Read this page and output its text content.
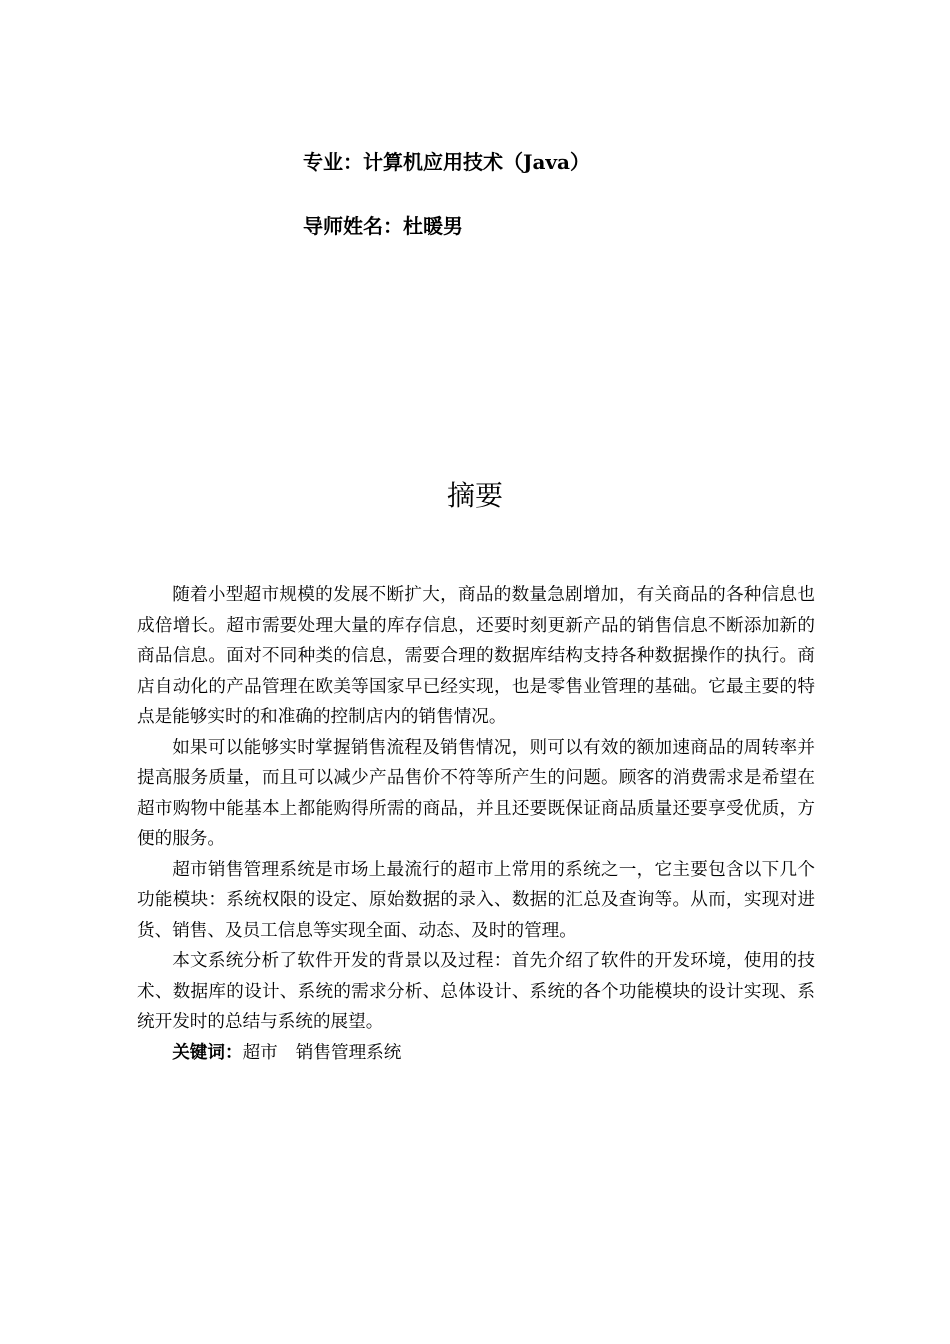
专业：计算机应用技术（Java）
导师姓名：杜暖男
摘要

随着小型超市规模的发展不断扩大，商品的数量急剧增加，有关商品的各种信息也成倍增长。超市需要处理大量的库存信息，还要时刻更新产品的销售信息不断添加新的商品信息。面对不同种类的信息，需要合理的数据库结构支持各种数据操作的执行。商店自动化的产品管理在欧美等国家早已经实现，也是零售业管理的基础。它最主要的特点是能够实时的和准确的控制店内的销售情况。

如果可以能够实时掌握销售流程及销售情况，则可以有效的额加速商品的周转率并提高服务质量，而且可以减少产品售价不符等所产生的问题。顾客的消费需求是希望在超市购物中能基本上都能购得所需的商品，并且还要既保证商品质量还要享受优质，方便的服务。

超市销售管理系统是市场上最流行的超市上常用的系统之一，它主要包含以下几个功能模块：系统权限的设定、原始数据的录入、数据的汇总及查询等。从而，实现对进货、销售、及员工信息等实现全面、动态、及时的管理。

本文系统分析了软件开发的背景以及过程：首先介绍了软件的开发环境，使用的技术、数据库的设计、系统的需求分析、总体设计、系统的各个功能模块的设计实现、系统开发时的总结与系统的展望。

关键词：超市 销售管理系统
